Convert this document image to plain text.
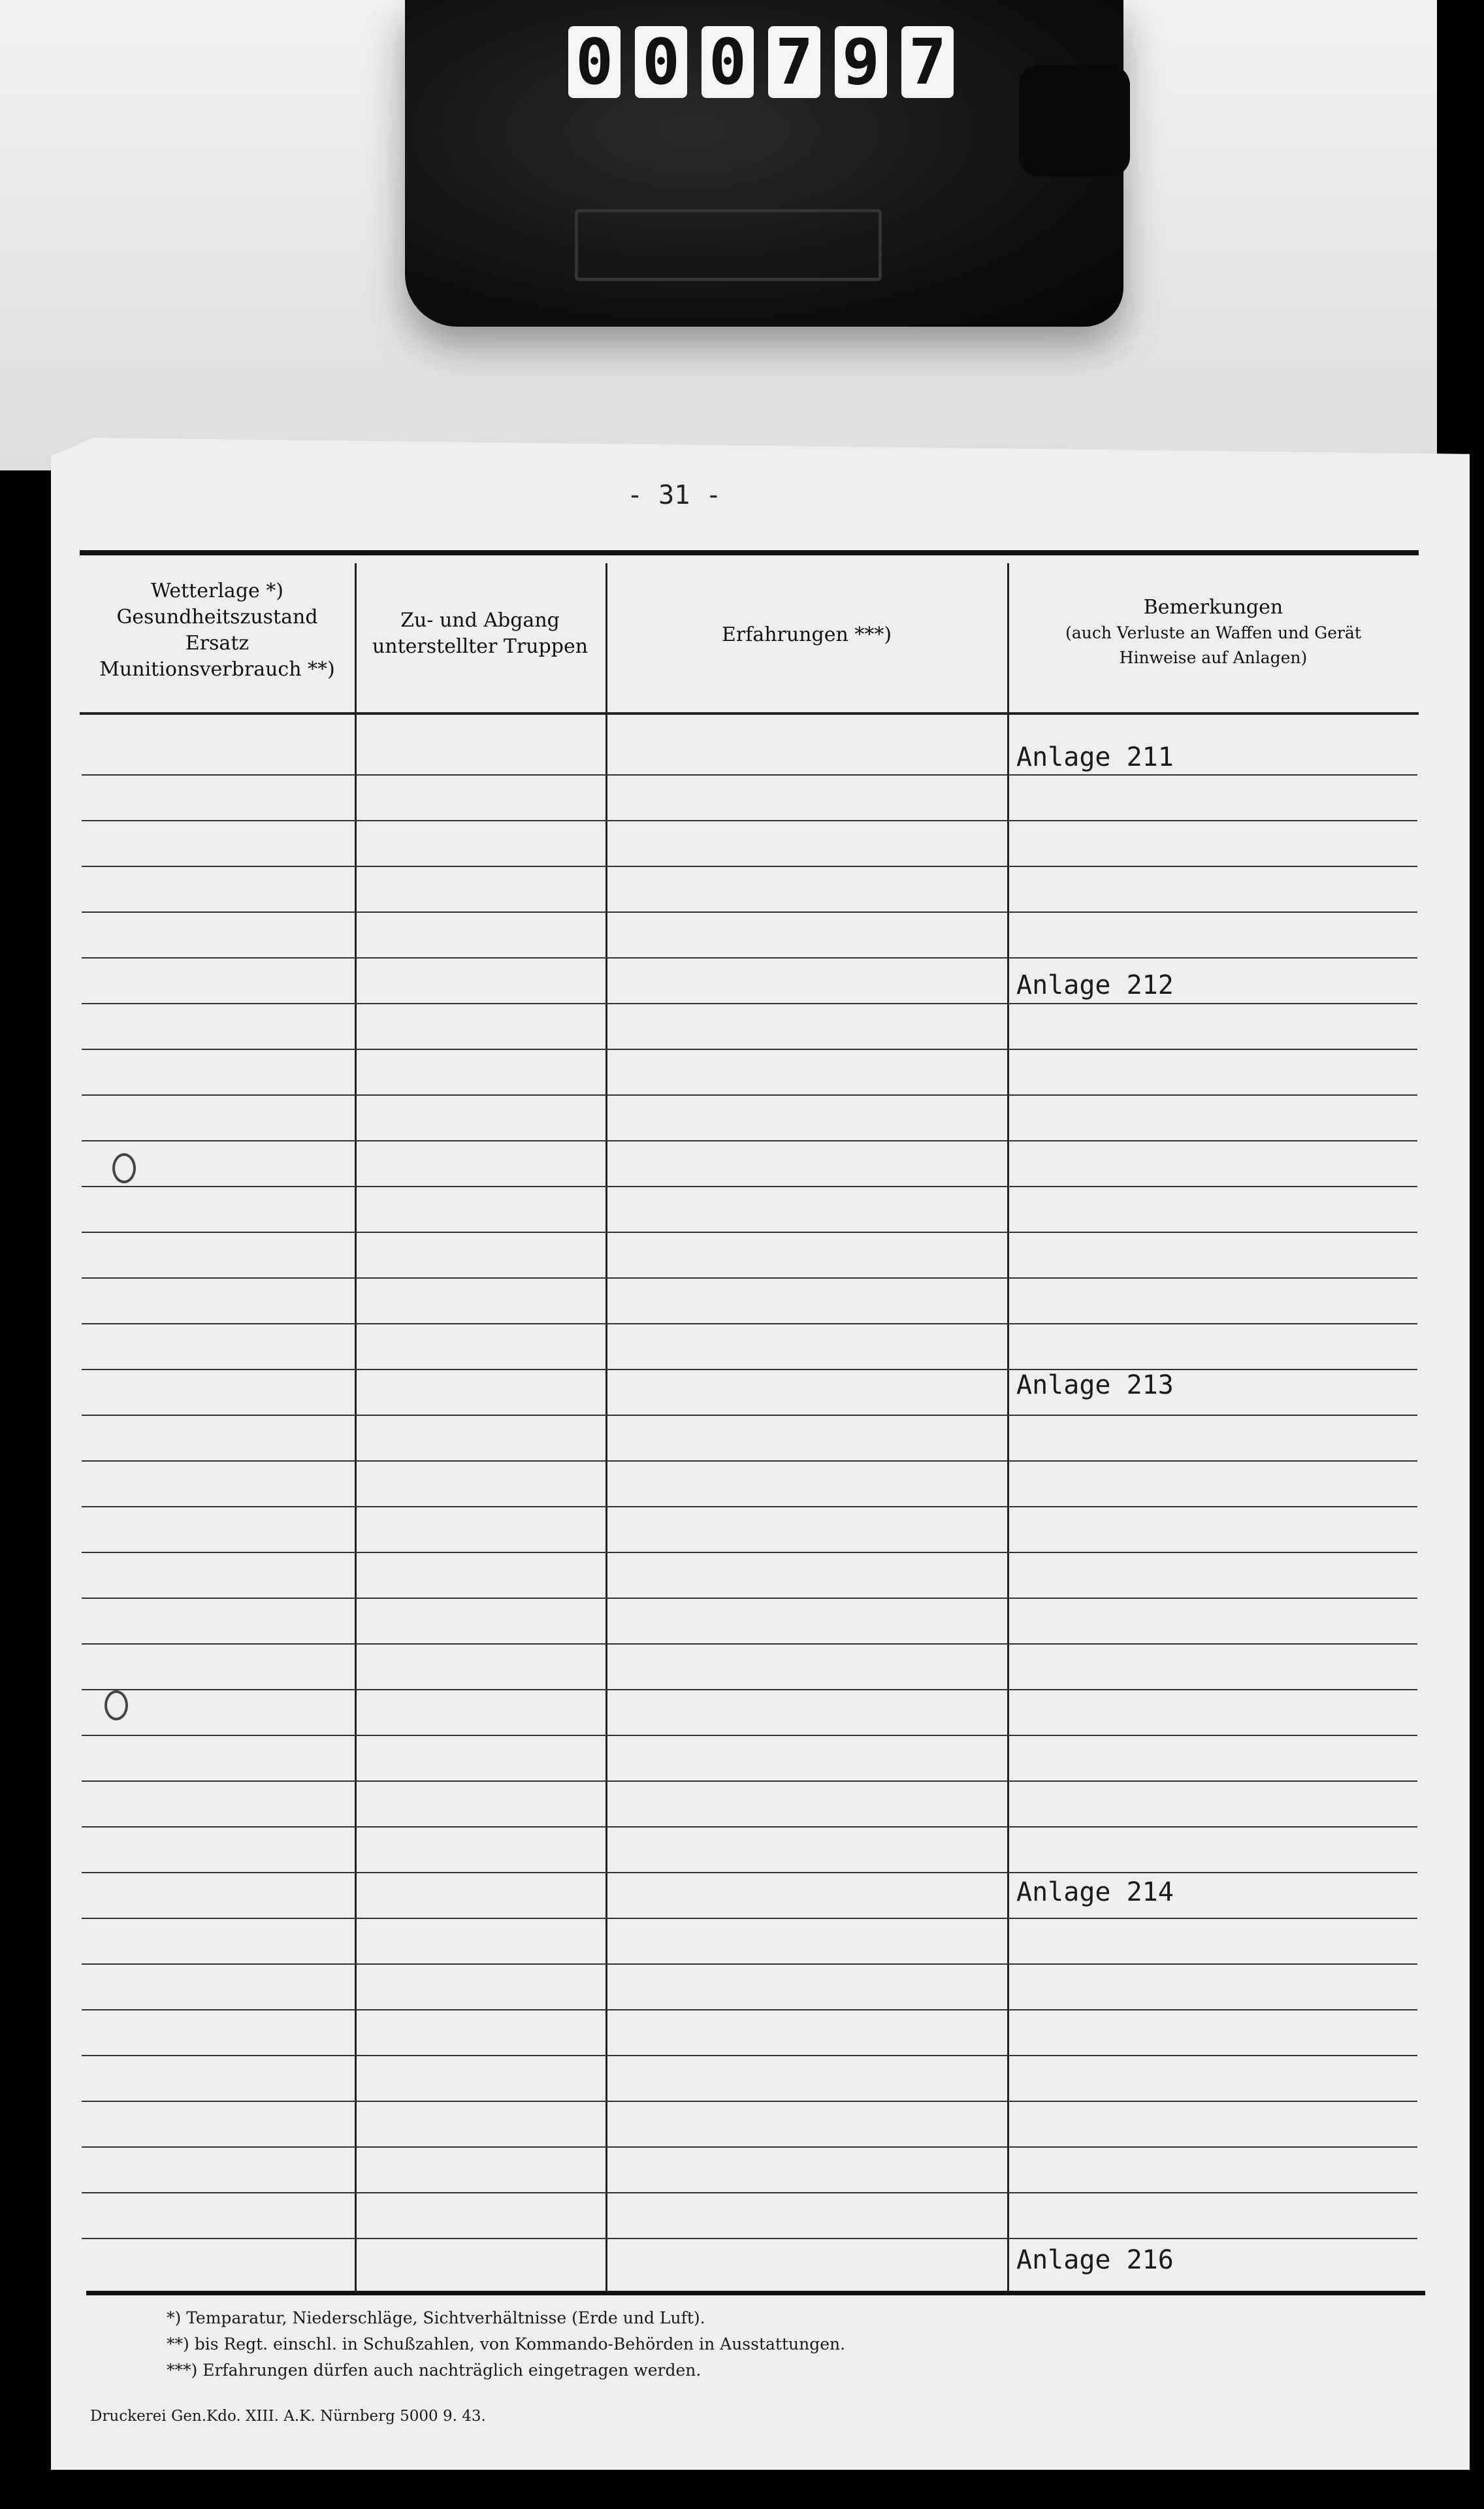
0 0 0 7 9 7
- 31 -
Wetterlage *)
Gesundheitszustand
Ersatz
Munitionsverbrauch **)
Zu- und Abgang
unterstellter Truppen
Erfahrungen ***)
Bemerkungen
(auch Verluste an Waffen und Gerät
Hinweise auf Anlagen)
Anlage 211
Anlage 212
Anlage 213
Anlage 214
Anlage 216
*) Temparatur, Niederschläge, Sichtverhältnisse (Erde und Luft).
**) bis Regt. einschl. in Schußzahlen, von Kommando-Behörden in Ausstattungen.
***) Erfahrungen dürfen auch nachträglich eingetragen werden.
Druckerei Gen.Kdo. XIII. A.K. Nürnberg 5000 9. 43.
